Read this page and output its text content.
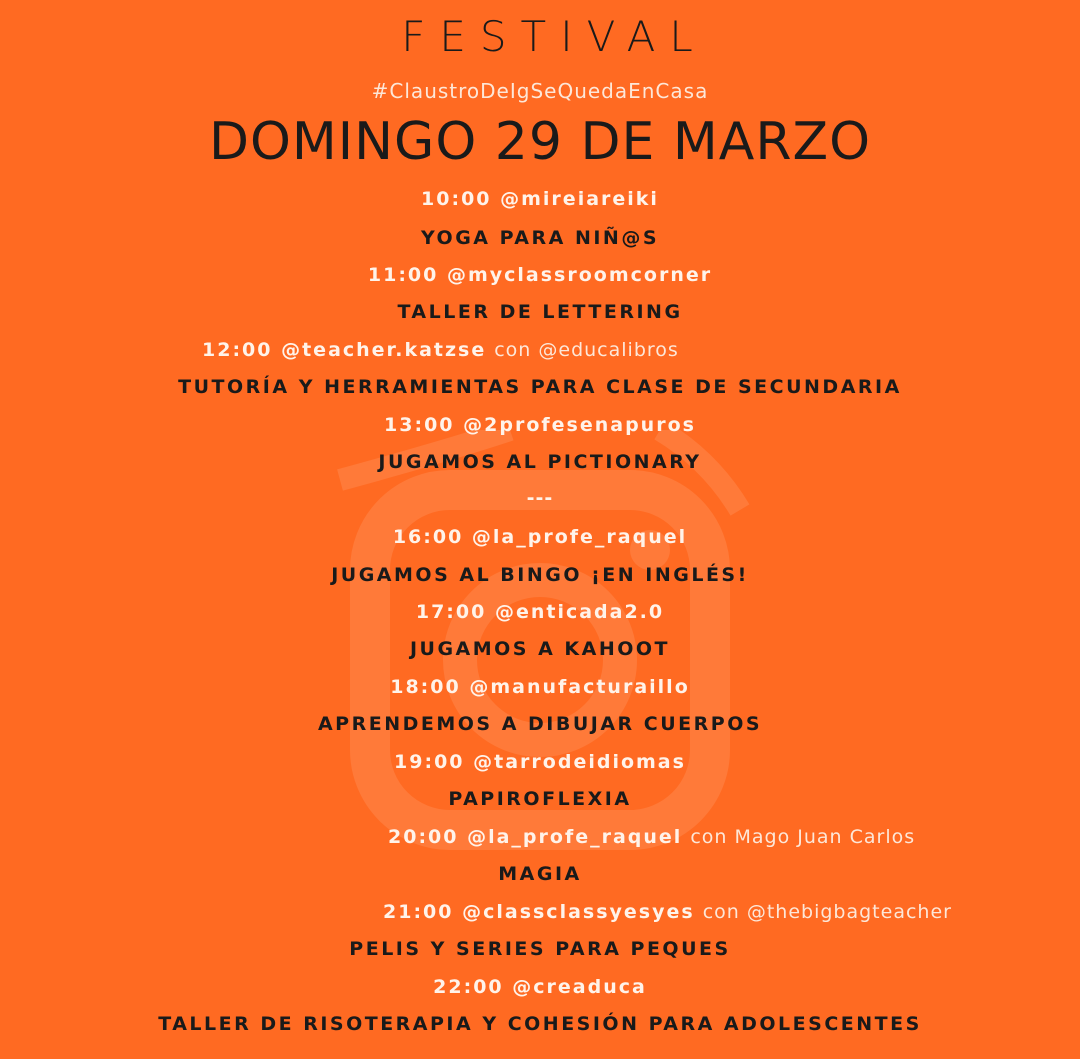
FESTIVAL
#ClaustroDeIgSeQuedaEnCasa
DOMINGO 29 DE MARZO
10:00 @mireiareiki
YOGA PARA NIÑ@S
11:00 @myclassroomcorner
TALLER DE LETTERING
12:00 @teacher.katzse con @educalibros
TUTORÍA Y HERRAMIENTAS PARA CLASE DE SECUNDARIA
13:00 @2profesenapuros
JUGAMOS AL PICTIONARY
---
16:00 @la_profe_raquel
JUGAMOS AL BINGO ¡EN INGLÉS!
17:00 @enticada2.0
JUGAMOS A KAHOOT
18:00 @manufacturaillo
APRENDEMOS A DIBUJAR CUERPOS
19:00 @tarrodeidiomas
PAPIROFLEXIA
20:00 @la_profe_raquel con Mago Juan Carlos
MAGIA
21:00 @classclassyesyes con @thebigbagteacher
PELIS Y SERIES PARA PEQUES
22:00 @creaduca
TALLER DE RISOTERAPIA Y COHESIÓN PARA ADOLESCENTES
